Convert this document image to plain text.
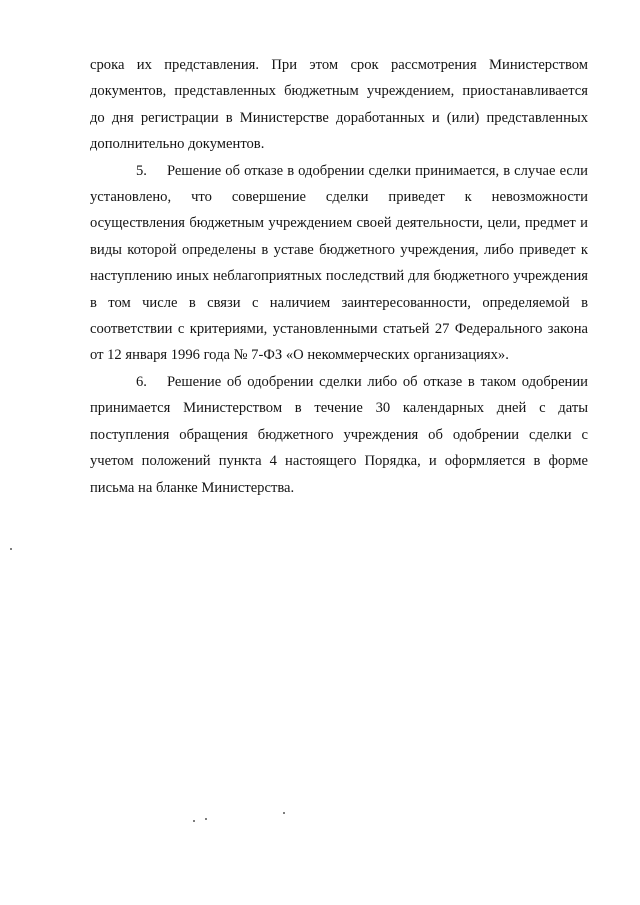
срока их представления. При этом срок рассмотрения Министерством документов, представленных бюджетным учреждением, приостанавливается до дня регистрации в Министерстве доработанных и (или) представленных дополнительно документов.

5. Решение об отказе в одобрении сделки принимается, в случае если установлено, что совершение сделки приведет к невозможности осуществления бюджетным учреждением своей деятельности, цели, предмет и виды которой определены в уставе бюджетного учреждения, либо приведет к наступлению иных неблагоприятных последствий для бюджетного учреждения в том числе в связи с наличием заинтересованности, определяемой в соответствии с критериями, установленными статьей 27 Федерального закона от 12 января 1996 года № 7-ФЗ «О некоммерческих организациях».

6. Решение об одобрении сделки либо об отказе в таком одобрении принимается Министерством в течение 30 календарных дней с даты поступления обращения бюджетного учреждения об одобрении сделки с учетом положений пункта 4 настоящего Порядка, и оформляется в форме письма на бланке Министерства.
